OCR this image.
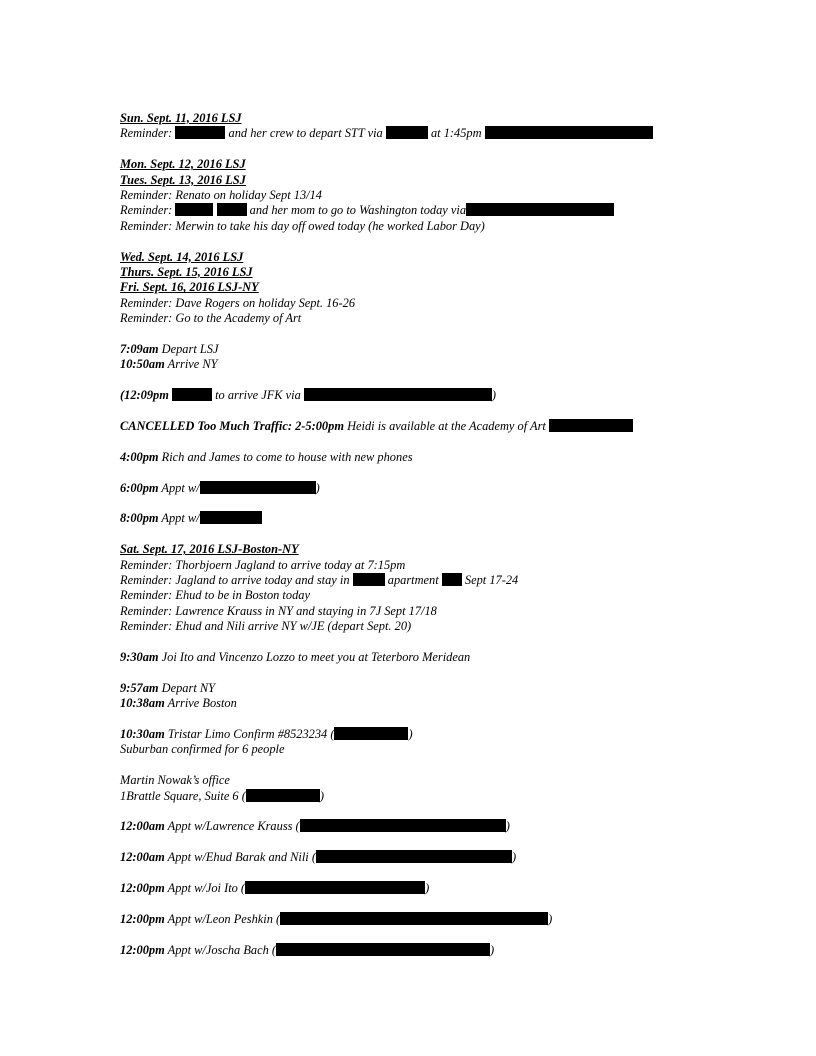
Sun. Sept. 11, 2016 LSJ
Reminder:	and her crew to depart STT via	at 1:45pm
Mon. Sept. 12, 2016 LSJ
Tues. Sept. 13, 2016 LSJ
Reminder: Renato on holiday Sept 13/14
Reminder:	and her mom to go to Washington today via
Reminder: Merwin to take his day off owed today (he worked Labor Day)
Wed. Sept. 14, 2016 LSJ
Thurs. Sept. 15, 2016 LSJ
Fri. Sept. 16, 2016 LSJ-NY
Reminder: Dave Rogers on holiday Sept. 16-26
Reminder: Go to the Academy of Art
7:09am Depart LSJ
10:50am Arrive NY
(12:09pm	to arrive JFK via	)
CANCELLED Too Much Traffic: 2-5:00pm Heidi is available at the Academy of Art
4:00pm Rich and James to come to house with new phones
6:00pm Appt w/	)
8:00pm Appt w/
Sat. Sept. 17, 2016 LSJ-Boston-NY
Reminder: Thorbjoern Jagland to arrive today at 7:15pm
Reminder: Jagland to arrive today and stay in	apartment Sept 17-24
Reminder: Ehud to be in Boston today
Reminder: Lawrence Krauss in NY and staying in 7J Sept 17/18
Reminder: Ehud and Nili arrive NY w/JE (depart Sept. 20)
9:30am Joi Ito and Vincenzo Lozzo to meet you at Teterboro Meridean
9:57am Depart NY
10:38am Arrive Boston
10:30am Tristar Limo Confirm #8523234 (	)
Suburban confirmed for 6 people
Martin Nowak’s office
1Brattle Square, Suite 6 (	)
12:00am Appt w/Lawrence Krauss (	)
12:00am Appt w/Ehud Barak and Nili (	)
12:00pm Appt w/Joi Ito (	)
12:00pm Appt w/Leon Peshkin (	)
12:00pm Appt w/Joscha Bach (	)
